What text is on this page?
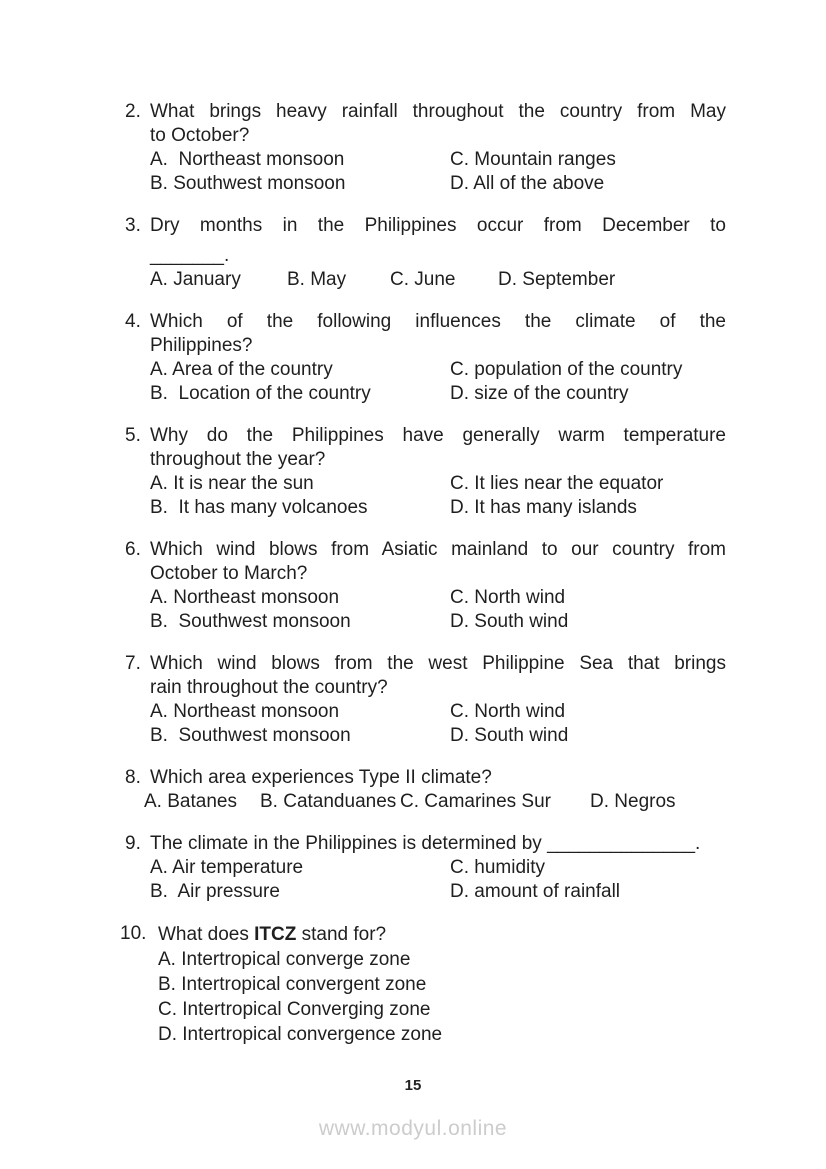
2. What brings heavy rainfall throughout the country from May
to October?
A.  Northeast monsoon	C. Mountain ranges
B. Southwest monsoon	D. All of the above
3. Dry months in the Philippines occur from December to
_______.
A. January	B. May	C. June	D. September
4. Which of the following influences the climate of the
Philippines?
A. Area of the country	C. population of the country
B.  Location of the country	D. size of the country
5. Why do the Philippines have generally warm temperature
throughout the year?
A. It is near the sun	C. It lies near the equator
B.  It has many volcanoes	D. It has many islands
6. Which wind blows from Asiatic mainland to our country from
October to March?
A. Northeast monsoon	C. North wind
B.  Southwest monsoon	D. South wind
7. Which wind blows from the west Philippine Sea that brings
rain throughout the country?
A. Northeast monsoon	C. North wind
B.  Southwest monsoon	D. South wind
8. Which area experiences Type II climate?
A. Batanes	B. Catanduanes C. Camarines Sur	D. Negros
9. The climate in the Philippines is determined by ______________.
A. Air temperature	C. humidity
B.  Air pressure	D. amount of rainfall
10. What does ITCZ stand for?
A. Intertropical converge zone
B. Intertropical convergent zone
C. Intertropical Converging zone
D. Intertropical convergence zone
15
www.modyul.online
